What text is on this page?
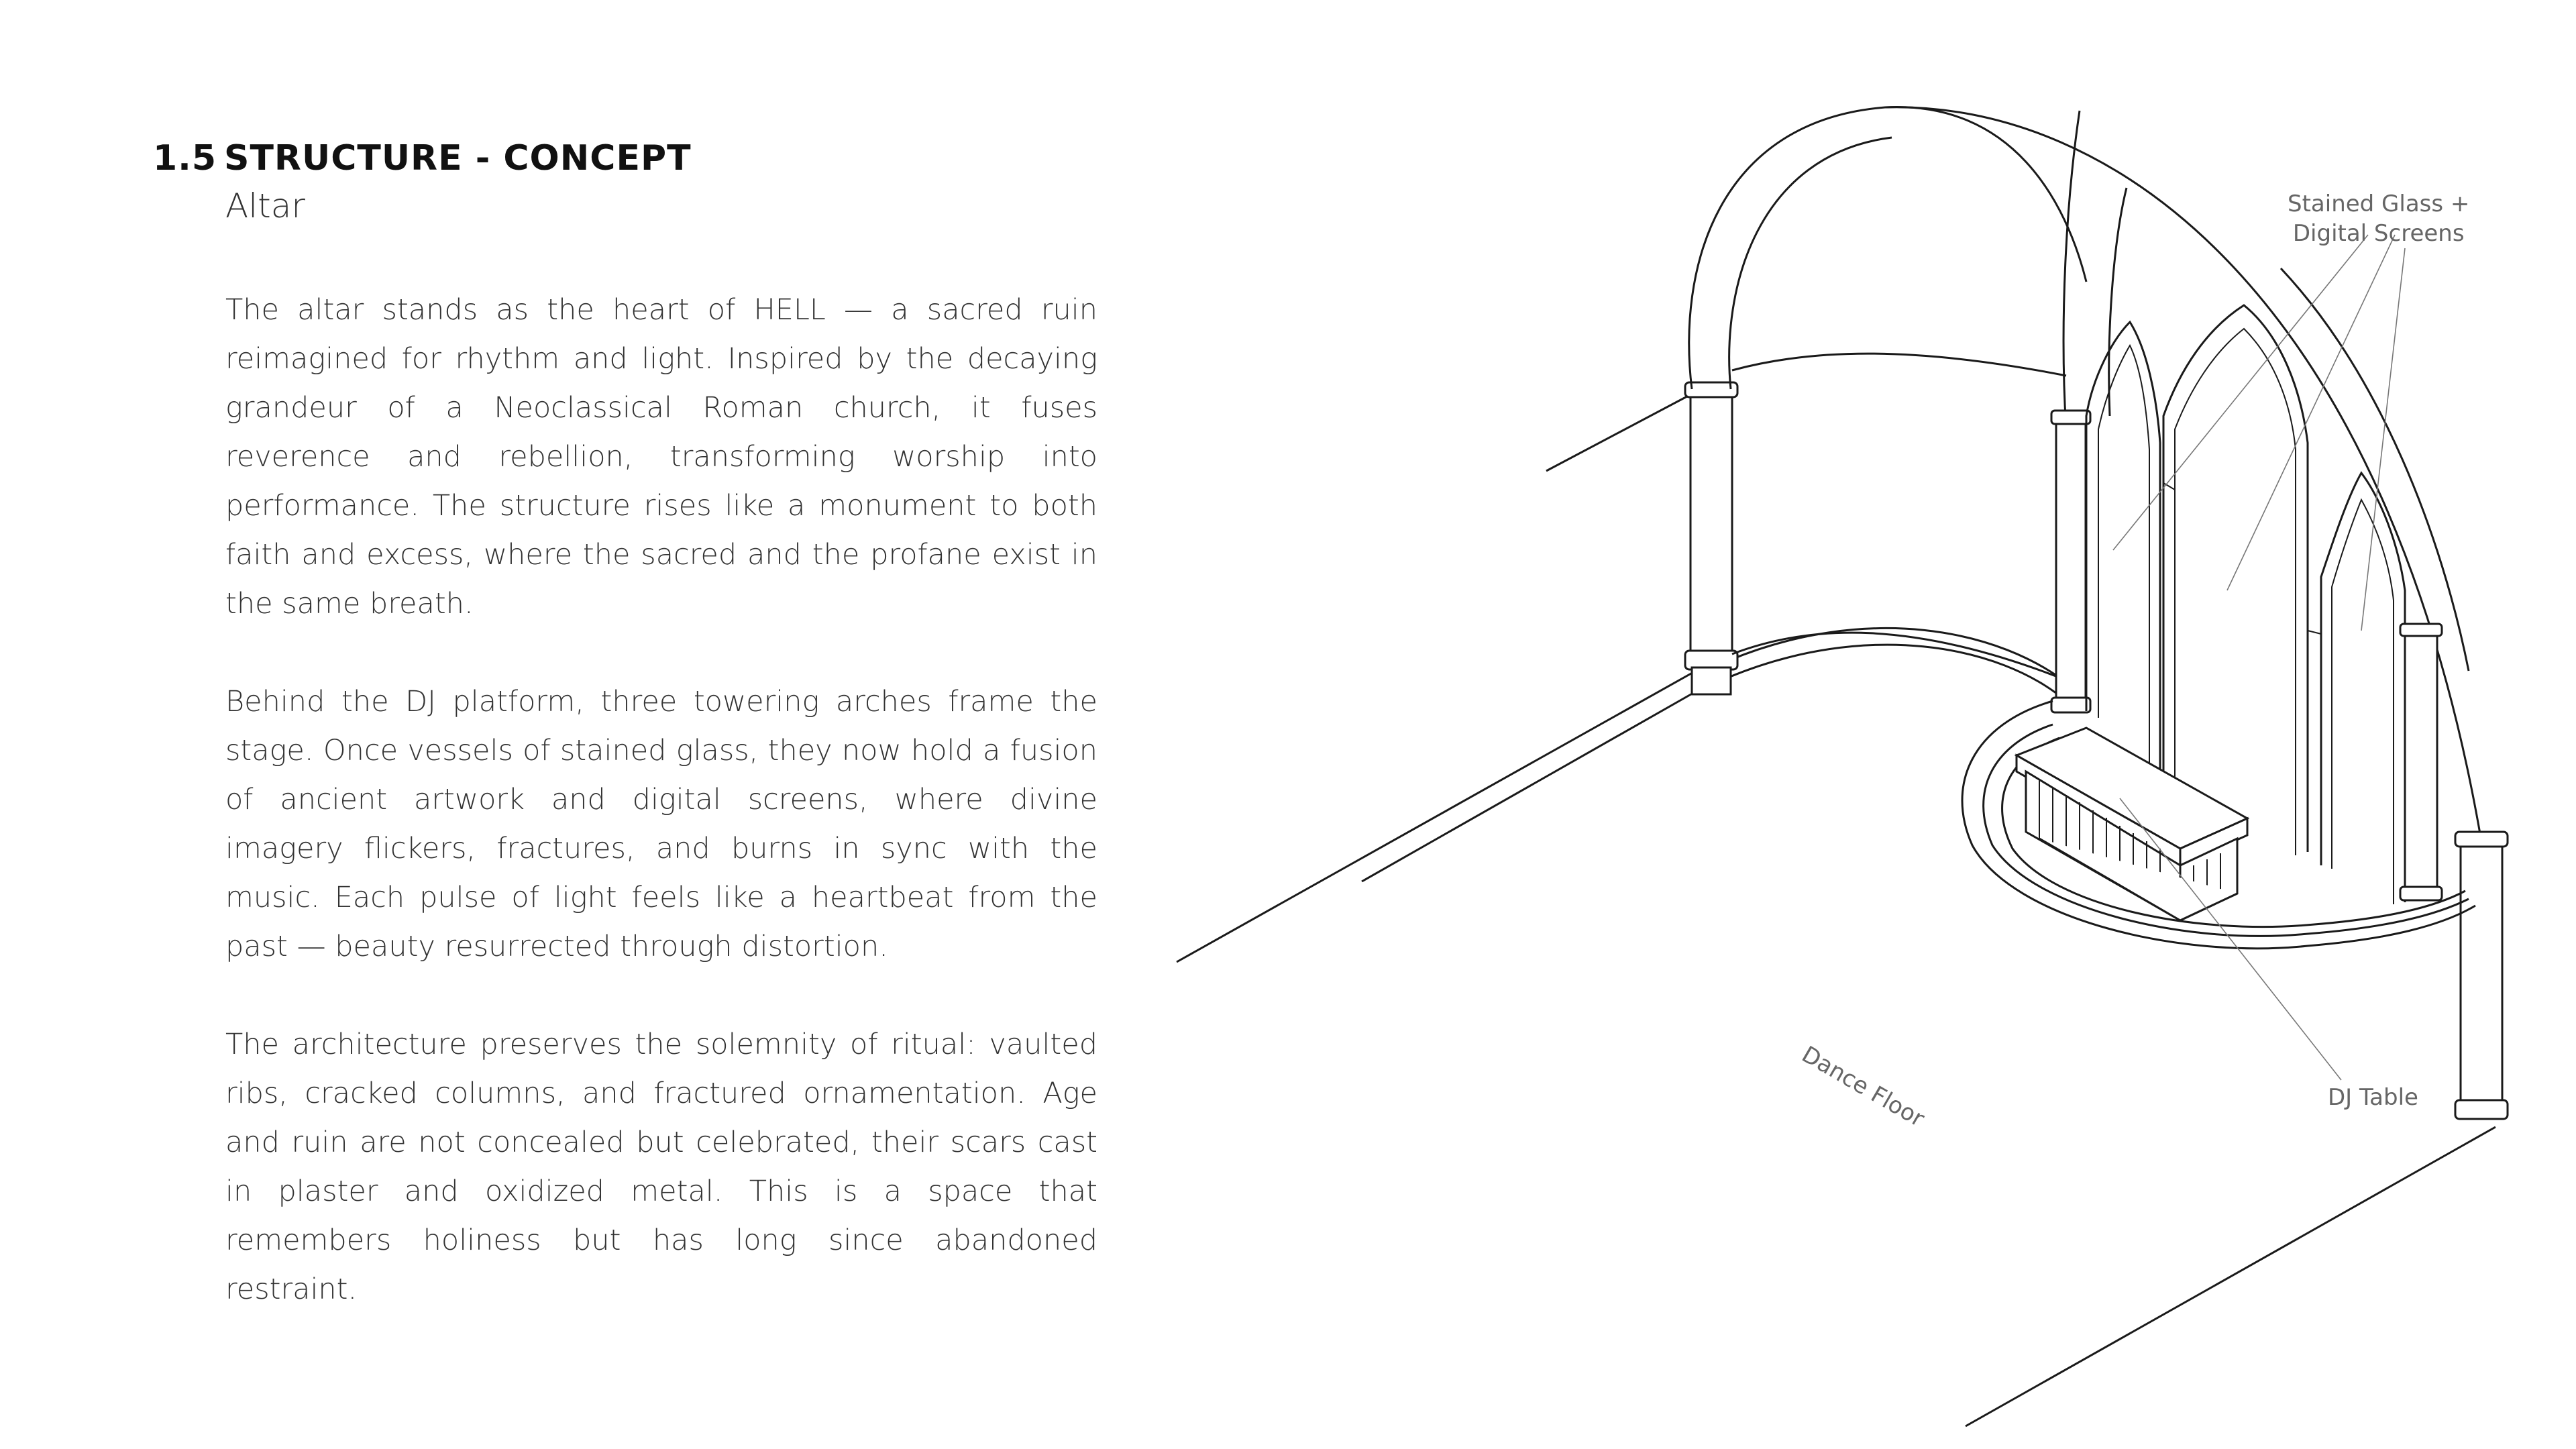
1.5 STRUCTURE - CONCEPT
Altar

The altar stands as the heart of HELL — a sacred ruin reimagined for rhythm and light. Inspired by the decaying grandeur of a Neoclassical Roman church, it fuses reverence and rebellion, transforming worship into performance. The structure rises like a monument to both faith and excess, where the sacred and the profane exist in the same breath.

Behind the DJ platform, three towering arches frame the stage. Once vessels of stained glass, they now hold a fusion of ancient artwork and digital screens, where divine imagery flickers, fractures, and burns in sync with the music. Each pulse of light feels like a heartbeat from the past — beauty resurrected through distortion.

The architecture preserves the solemnity of ritual: vaulted ribs, cracked columns, and fractured ornamentation. Age and ruin are not concealed but celebrated, their scars cast in plaster and oxidized metal. This is a space that remembers holiness but has long since abandoned restraint.

Stained Glass +
Digital Screens
Dance Floor	DJ Table
